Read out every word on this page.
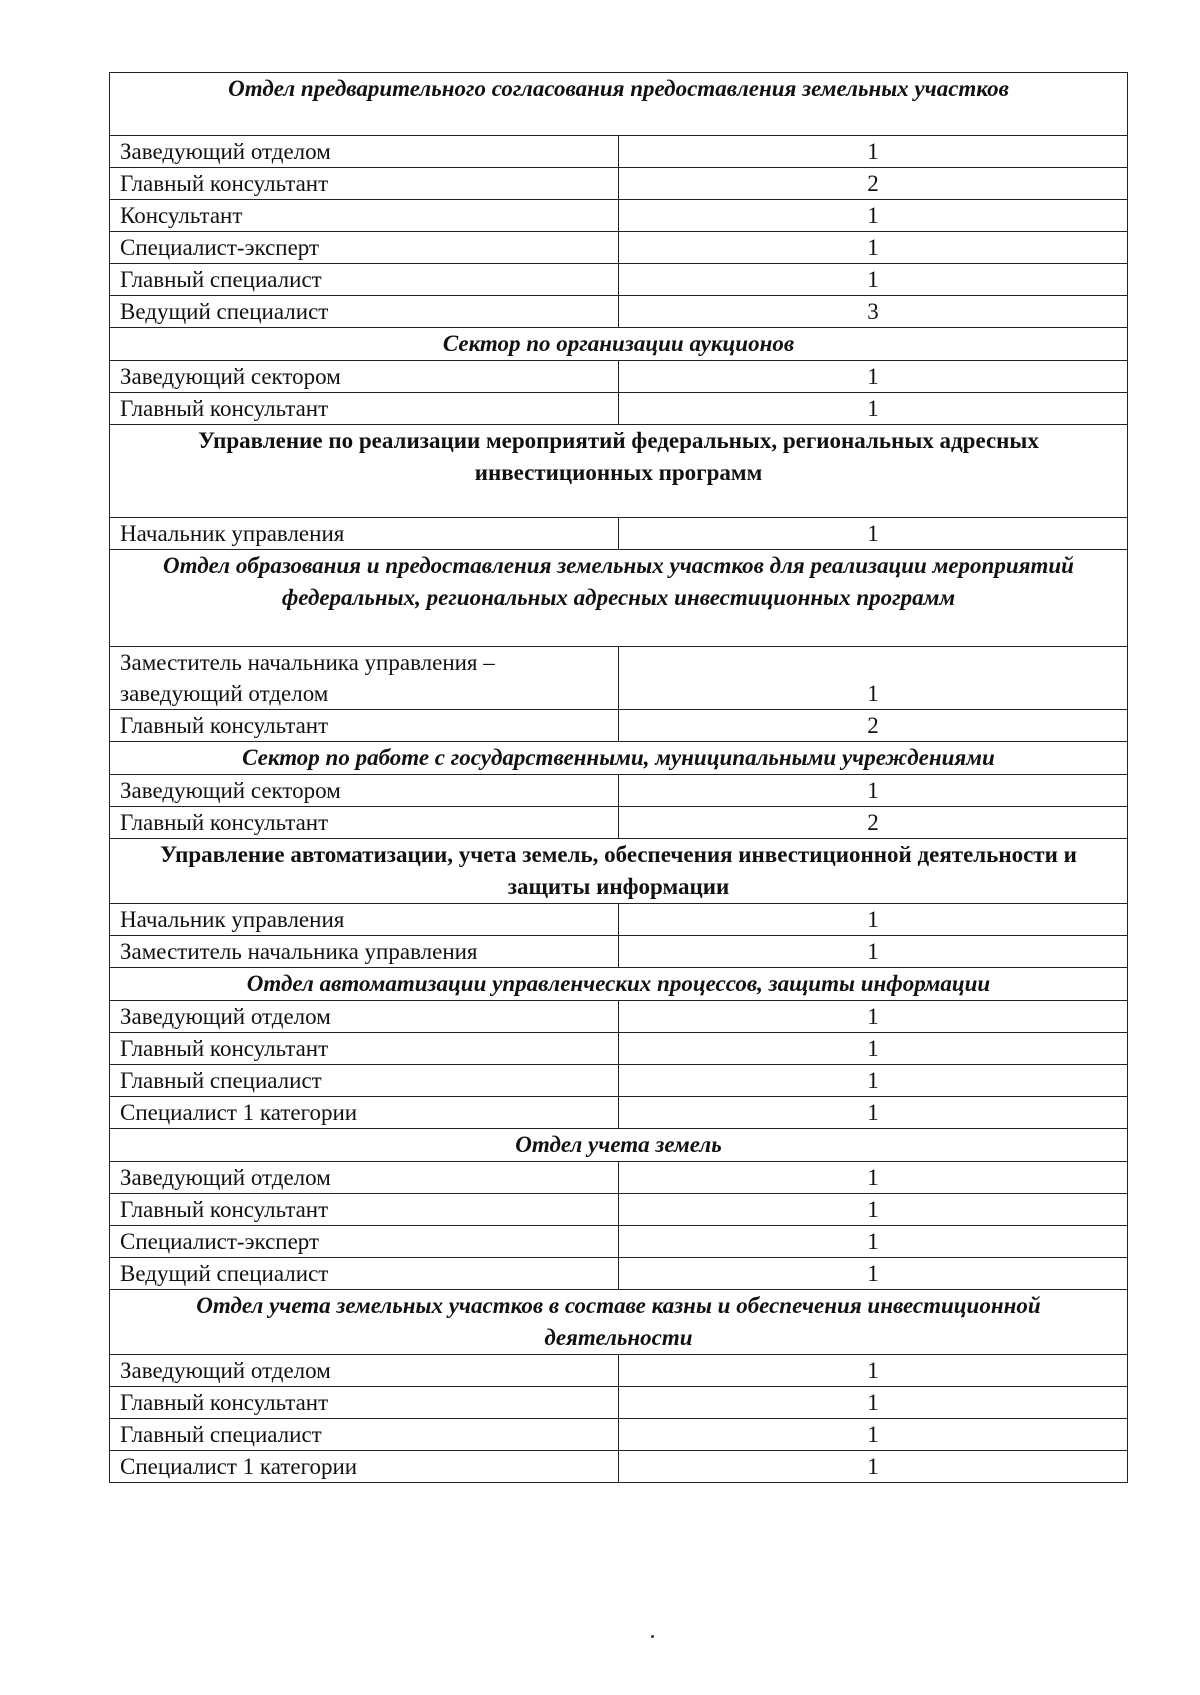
Отдел предварительного согласования предоставления земельных участков	
Заведующий отделом	1
Главный консультант	2
Консультант	1
Специалист-эксперт	1
Главный специалист	1
Ведущий специалист	3
Сектор по организации аукционов	
Заведующий сектором	1
Главный консультант	1
Управление по реализации мероприятий федеральных, региональных адресных инвестиционных программ	
Начальник управления	1
Отдел образования и предоставления земельных участков для реализации мероприятий федеральных, региональных адресных инвестиционных программ	
Заместитель начальника управления – заведующий отделом	1
Главный консультант	2
Сектор по работе с государственными, муниципальными учреждениями	
Заведующий сектором	1
Главный консультант	2
Управление автоматизации, учета земель, обеспечения инвестиционной деятельности и защиты информации	
Начальник управления	1
Заместитель начальника управления	1
Отдел автоматизации управленческих процессов, защиты информации	
Заведующий отделом	1
Главный консультант	1
Главный специалист	1
Специалист 1 категории	1
Отдел учета земель	
Заведующий отделом	1
Главный консультант	1
Специалист-эксперт	1
Ведущий специалист	1
Отдел учета земельных участков в составе казны и обеспечения инвестиционной деятельности	
Заведующий отделом	1
Главный консультант	1
Главный специалист	1
Специалист 1 категории	1
